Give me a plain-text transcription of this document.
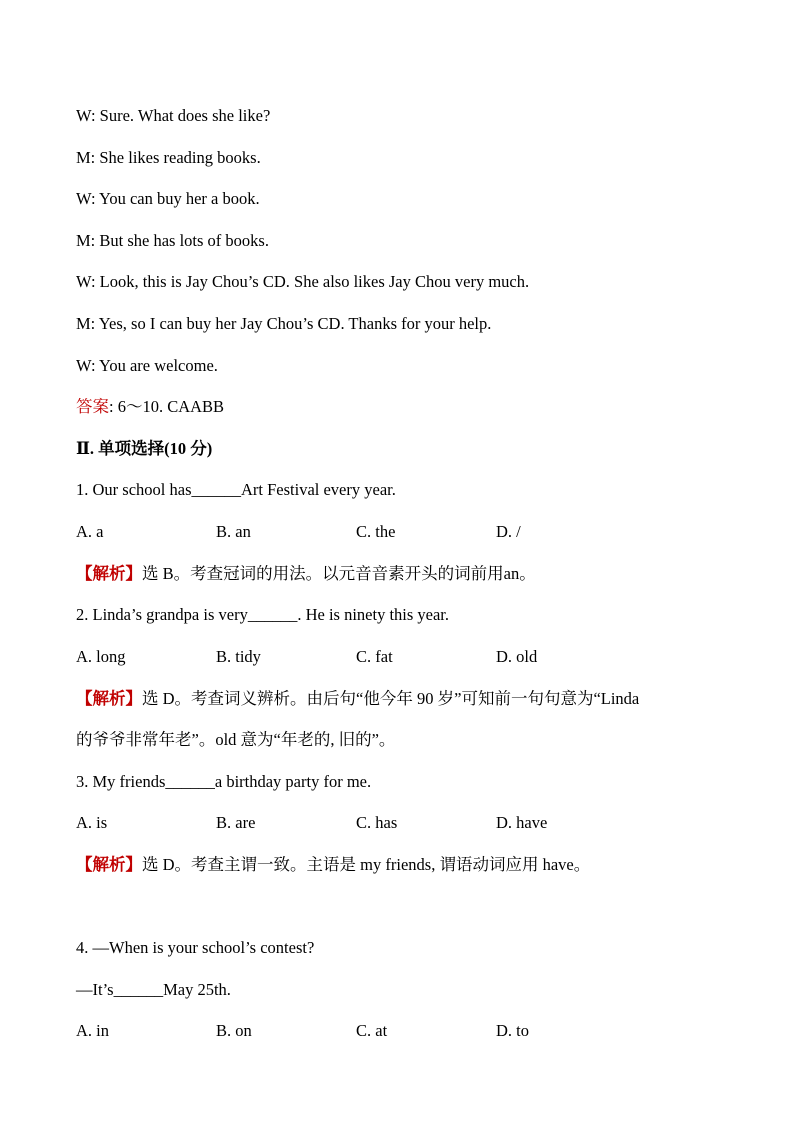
W: Sure. What does she like?
M: She likes reading books.
W: You can buy her a book.
M: But she has lots of books.
W: Look, this is Jay Chou’s CD. She also likes Jay Chou very much.
M: Yes, so I can buy her Jay Chou’s CD. Thanks for your help.
W: You are welcome.
答案: 6～10. CAABB
Ⅱ. 单项选择(10 分)
1. Our school has______Art Festival every year.
A. a	B. an	C. the	D. /
【解析】选 B。考查冠词的用法。以元音音素开头的词前用an。
2. Linda’s grandpa is very______. He is ninety this year.
A. long	B. tidy	C. fat	D. old
【解析】选 D。考查词义辨析。由后句“他今年 90 岁”可知前一句句意为“Linda
的爷爷非常年老”。old 意为“年老的, 旧的”。
3. My friends______a birthday party for me.
A. is	B. are	C. has	D. have
【解析】选 D。考查主谓一致。主语是 my friends, 谓语动词应用 have。
4. —When is your school’s contest?
—It’s______May 25th.
A. in	B. on	C. at	D. to
